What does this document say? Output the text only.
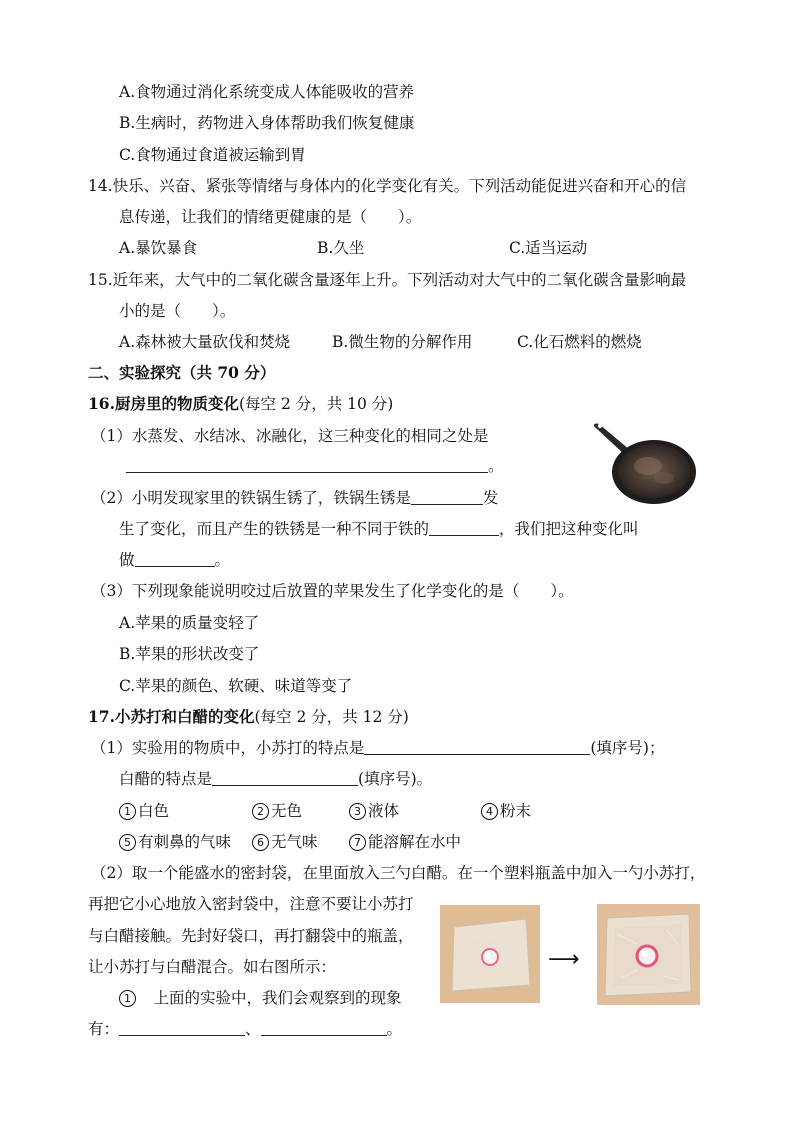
A.食物通过消化系统变成人体能吸收的营养
B.生病时，药物进入身体帮助我们恢复健康
C.食物通过食道被运输到胃
14.快乐、兴奋、紧张等情绪与身体内的化学变化有关。下列活动能促进兴奋和开心的信
息传递，让我们的情绪更健康的是（　　）。
A.暴饮暴食	B.久坐	C.适当运动
15.近年来，大气中的二氧化碳含量逐年上升。下列活动对大气中的二氧化碳含量影响最
小的是（　　）。
A.森林被大量砍伐和焚烧	B.微生物的分解作用	C.化石燃料的燃烧
二、实验探究（共 70 分）
16.厨房里的物质变化(每空 2 分，共 10 分)
（1）水蒸发、水结冰、冰融化，这三种变化的相同之处是
。
（2）小明发现家里的铁锅生锈了，铁锅生锈是	发
生了变化，而且产生的铁锈是一种不同于铁的	，我们把这种变化叫
做	。
（3）下列现象能说明咬过后放置的苹果发生了化学变化的是（　　）。
A.苹果的质量变轻了
B.苹果的形状改变了
C.苹果的颜色、软硬、味道等变了
17.小苏打和白醋的变化(每空 2 分，共 12 分)
（1）实验用的物质中，小苏打的特点是	(填序号)；
白醋的特点是	(填序号)。
1 白色	2 无色	3 液体	4 粉末
5 有刺鼻的气味	6 无气味	7 能溶解在水中
（2）取一个能盛水的密封袋，在里面放入三勺白醋。在一个塑料瓶盖中加入一勺小苏打，
再把它小心地放入密封袋中，注意不要让小苏打
与白醋接触。先封好袋口，再打翻袋中的瓶盖，
让小苏打与白醋混合。如右图所示：	⟶
1　上面的实验中，我们会观察到的现象
有：	、	。
